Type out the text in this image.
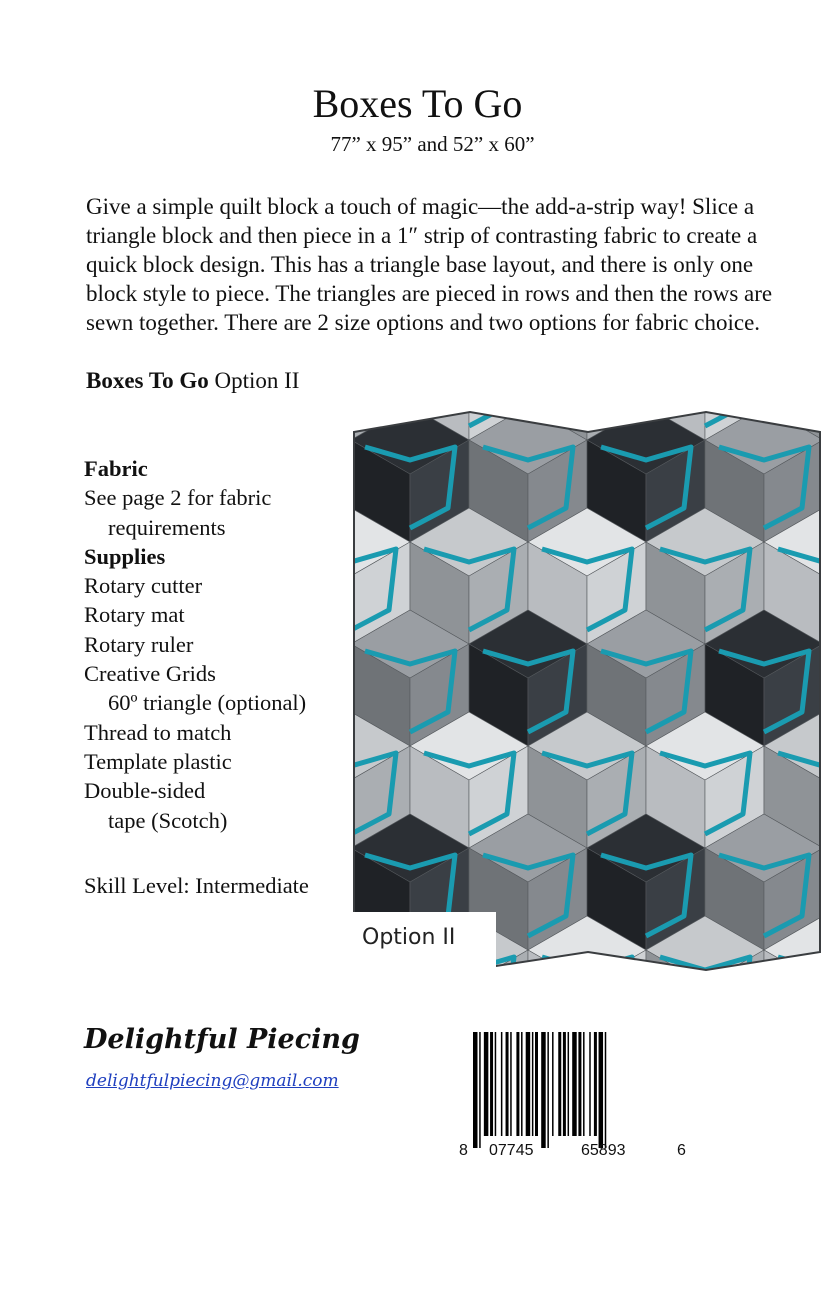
Boxes To Go
77” x 95” and 52” x 60”
Give a simple quilt block a touch of magic—the add-a-strip way! Slice a triangle block and then piece in a 1″ strip of contrasting fabric to create a quick block design. This has a triangle base layout, and there is only one block style to piece. The triangles are pieced in rows and then the rows are sewn together. There are 2 size options and two options for fabric choice.
Boxes To Go Option II
Fabric
See page 2 for fabric
requirements
Supplies
Rotary cutter
Rotary mat
Rotary ruler
Creative Grids
60º triangle (optional)
Thread to match
Template plastic
Double-sided
tape (Scotch)
Skill Level: Intermediate
Option II
Delightful Piecing
delightfulpiecing@gmail.com
8 07745	65893	6
